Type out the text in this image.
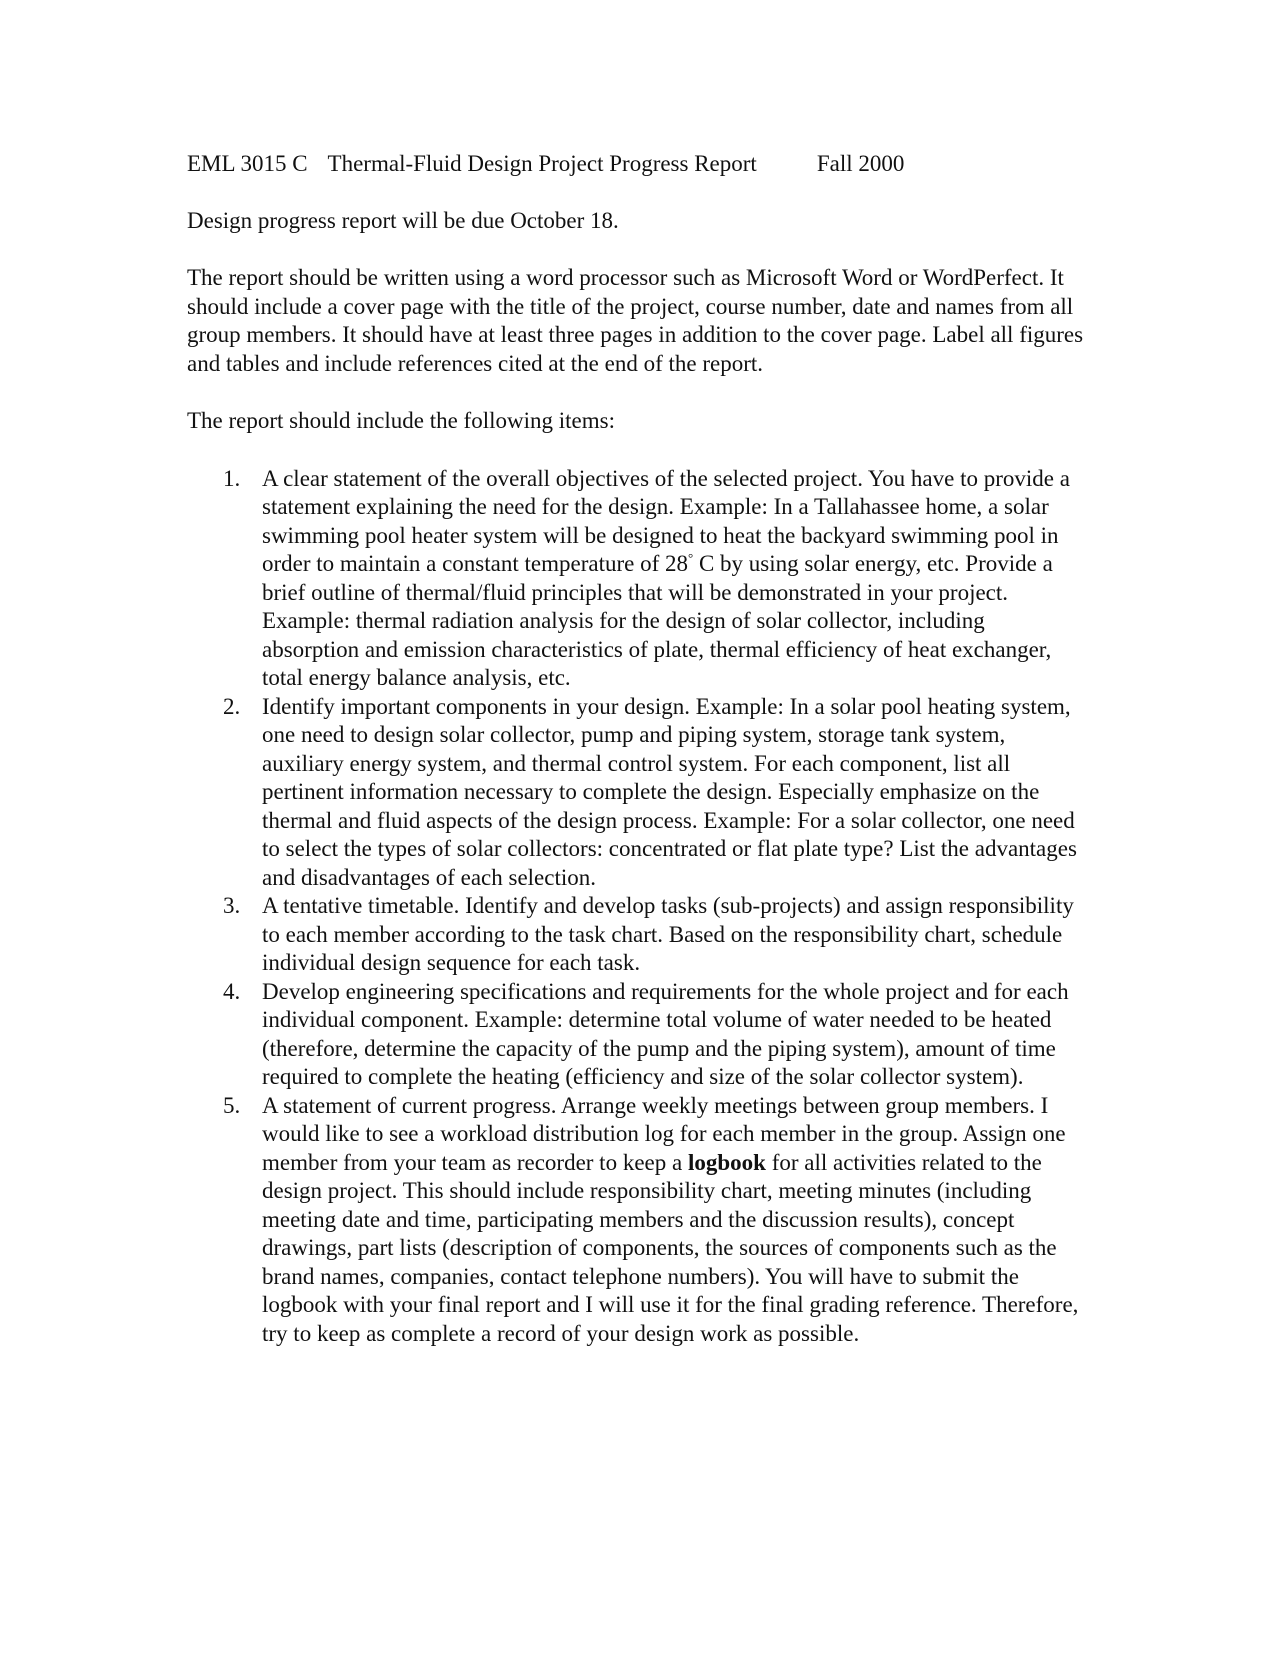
EML 3015 C Thermal-Fluid Design Project Progress Report	Fall 2000

Design progress report will be due October 18.

The report should be written using a word processor such as Microsoft Word or WordPerfect. It should include a cover page with the title of the project, course number, date and names from all group members. It should have at least three pages in addition to the cover page. Label all figures and tables and include references cited at the end of the report.

The report should include the following items:

1. A clear statement of the overall objectives of the selected project. You have to provide a statement explaining the need for the design. Example: In a Tallahassee home, a solar swimming pool heater system will be designed to heat the backyard swimming pool in order to maintain a constant temperature of 28° C by using solar energy, etc. Provide a brief outline of thermal/fluid principles that will be demonstrated in your project. Example: thermal radiation analysis for the design of solar collector, including absorption and emission characteristics of plate, thermal efficiency of heat exchanger, total energy balance analysis, etc.
2. Identify important components in your design. Example: In a solar pool heating system, one need to design solar collector, pump and piping system, storage tank system, auxiliary energy system, and thermal control system. For each component, list all pertinent information necessary to complete the design. Especially emphasize on the thermal and fluid aspects of the design process. Example: For a solar collector, one need to select the types of solar collectors: concentrated or flat plate type? List the advantages and disadvantages of each selection.
3. A tentative timetable. Identify and develop tasks (sub-projects) and assign responsibility to each member according to the task chart. Based on the responsibility chart, schedule individual design sequence for each task.
4. Develop engineering specifications and requirements for the whole project and for each individual component. Example: determine total volume of water needed to be heated (therefore, determine the capacity of the pump and the piping system), amount of time required to complete the heating (efficiency and size of the solar collector system).
5. A statement of current progress. Arrange weekly meetings between group members. I would like to see a workload distribution log for each member in the group. Assign one member from your team as recorder to keep a logbook for all activities related to the design project. This should include responsibility chart, meeting minutes (including meeting date and time, participating members and the discussion results), concept drawings, part lists (description of components, the sources of components such as the brand names, companies, contact telephone numbers). You will have to submit the logbook with your final report and I will use it for the final grading reference. Therefore, try to keep as complete a record of your design work as possible.
